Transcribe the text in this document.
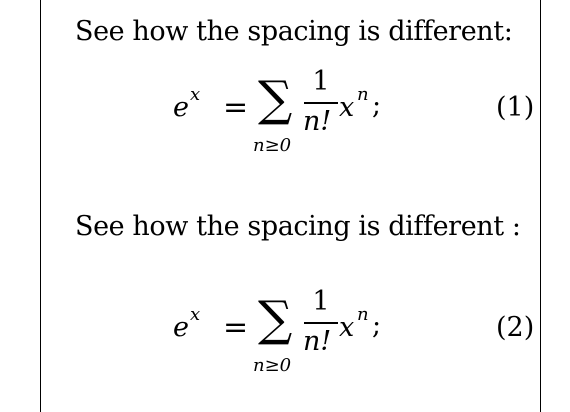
See how the spacing is different:
e x = ∑
n≥0
1
n! x n ;	(1)
See how the spacing is different :
e x = ∑
n≥0
1
n! x n ;	(2)
